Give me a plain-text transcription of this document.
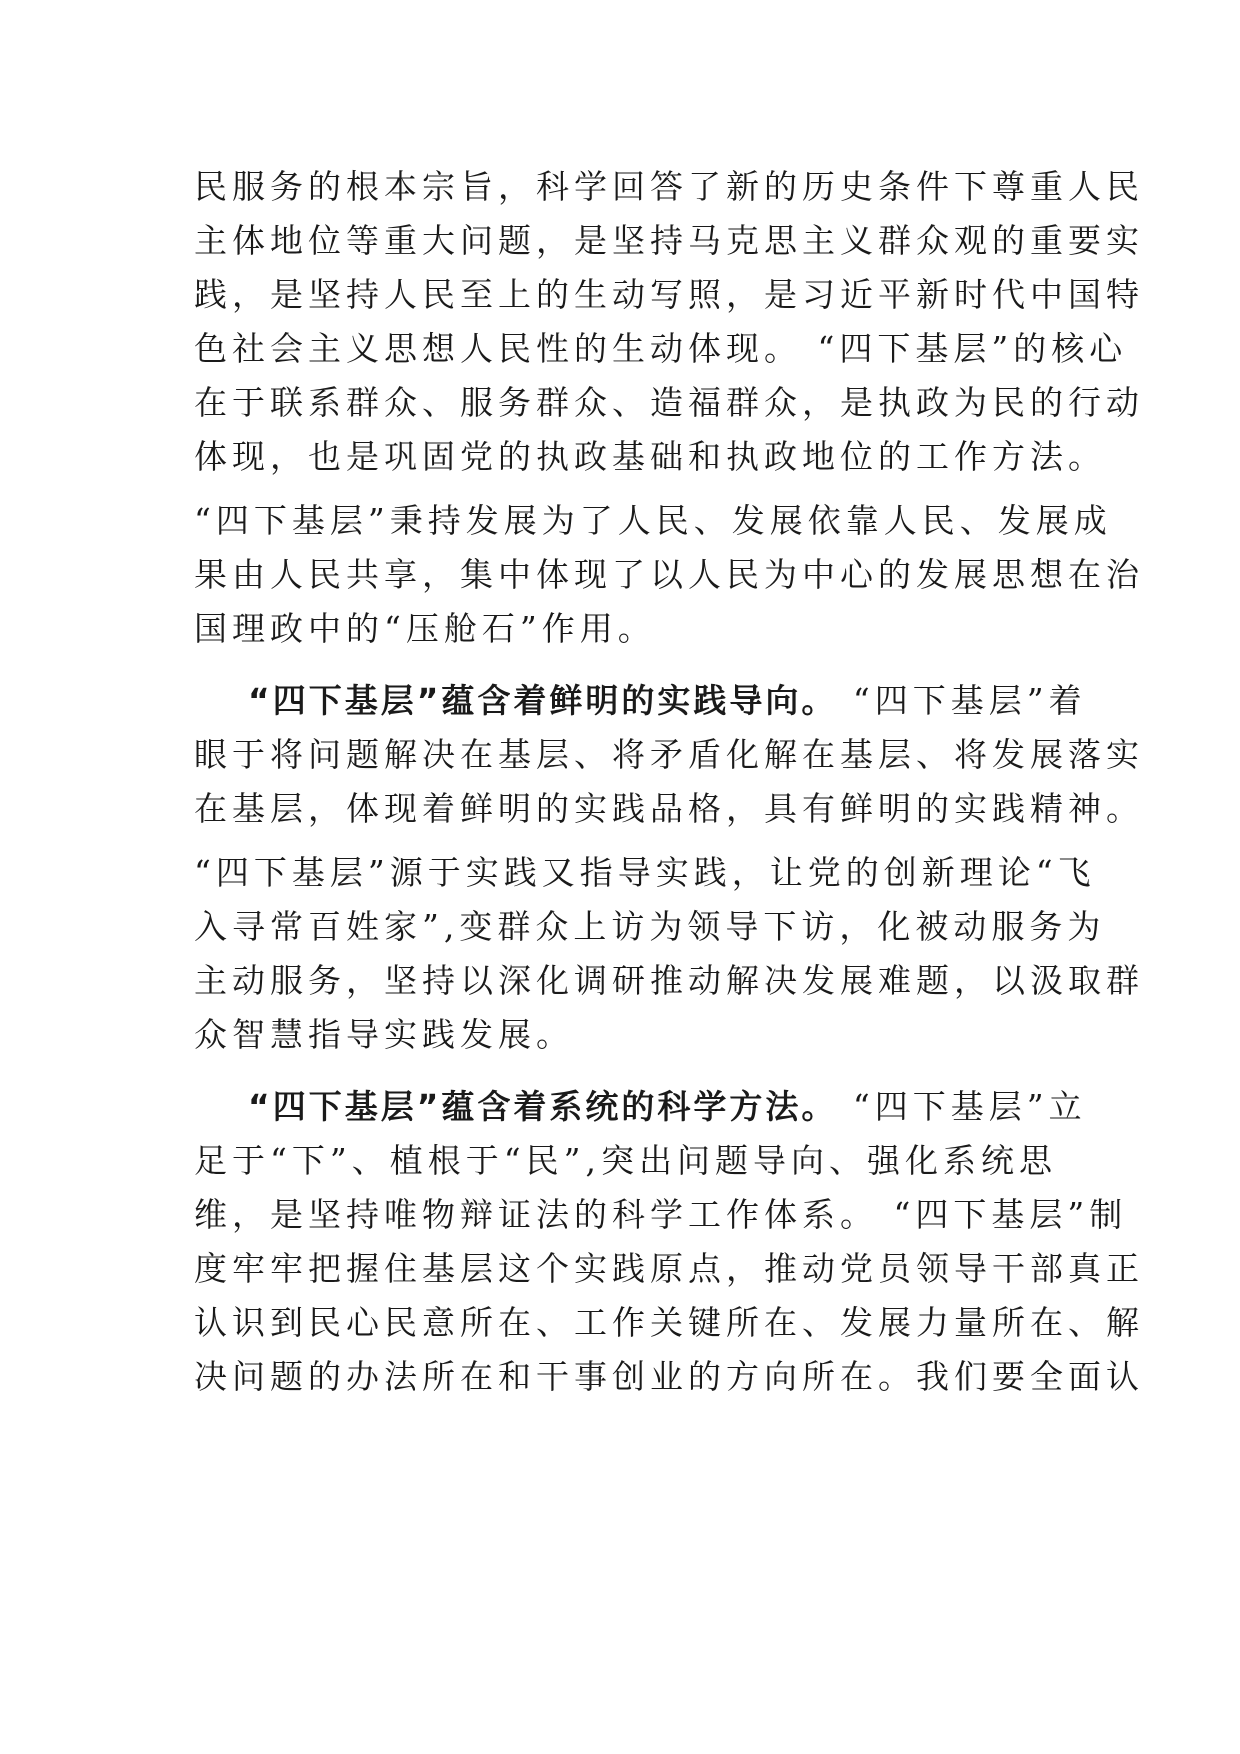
民服务的根本宗旨，科学回答了新的历史条件下尊重人民
主体地位等重大问题，是坚持马克思主义群众观的重要实
践，是坚持人民至上的生动写照，是习近平新时代中国特
色社会主义思想人民性的生动体现。 “四下基层”的核心
在于联系群众、服务群众、造福群众，是执政为民的行动
体现，也是巩固党的执政基础和执政地位的工作方法。
“四下基层”秉持发展为了人民、发展依靠人民、发展成
果由人民共享，集中体现了以人民为中心的发展思想在治
国理政中的“压舱石”作用。
“四下基层”蕴含着鲜明的实践导向。 “四下基层”着
眼于将问题解决在基层、将矛盾化解在基层、将发展落实
在基层，体现着鲜明的实践品格，具有鲜明的实践精神。
“四下基层”源于实践又指导实践，让党的创新理论“飞
入寻常百姓家”,变群众上访为领导下访，化被动服务为
主动服务，坚持以深化调研推动解决发展难题，以汲取群
众智慧指导实践发展。
“四下基层”蕴含着系统的科学方法。 “四下基层”立
足于“下”、植根于“民”,突出问题导向、强化系统思
维，是坚持唯物辩证法的科学工作体系。 “四下基层”制
度牢牢把握住基层这个实践原点，推动党员领导干部真正
认识到民心民意所在、工作关键所在、发展力量所在、解
决问题的办法所在和干事创业的方向所在。我们要全面认
